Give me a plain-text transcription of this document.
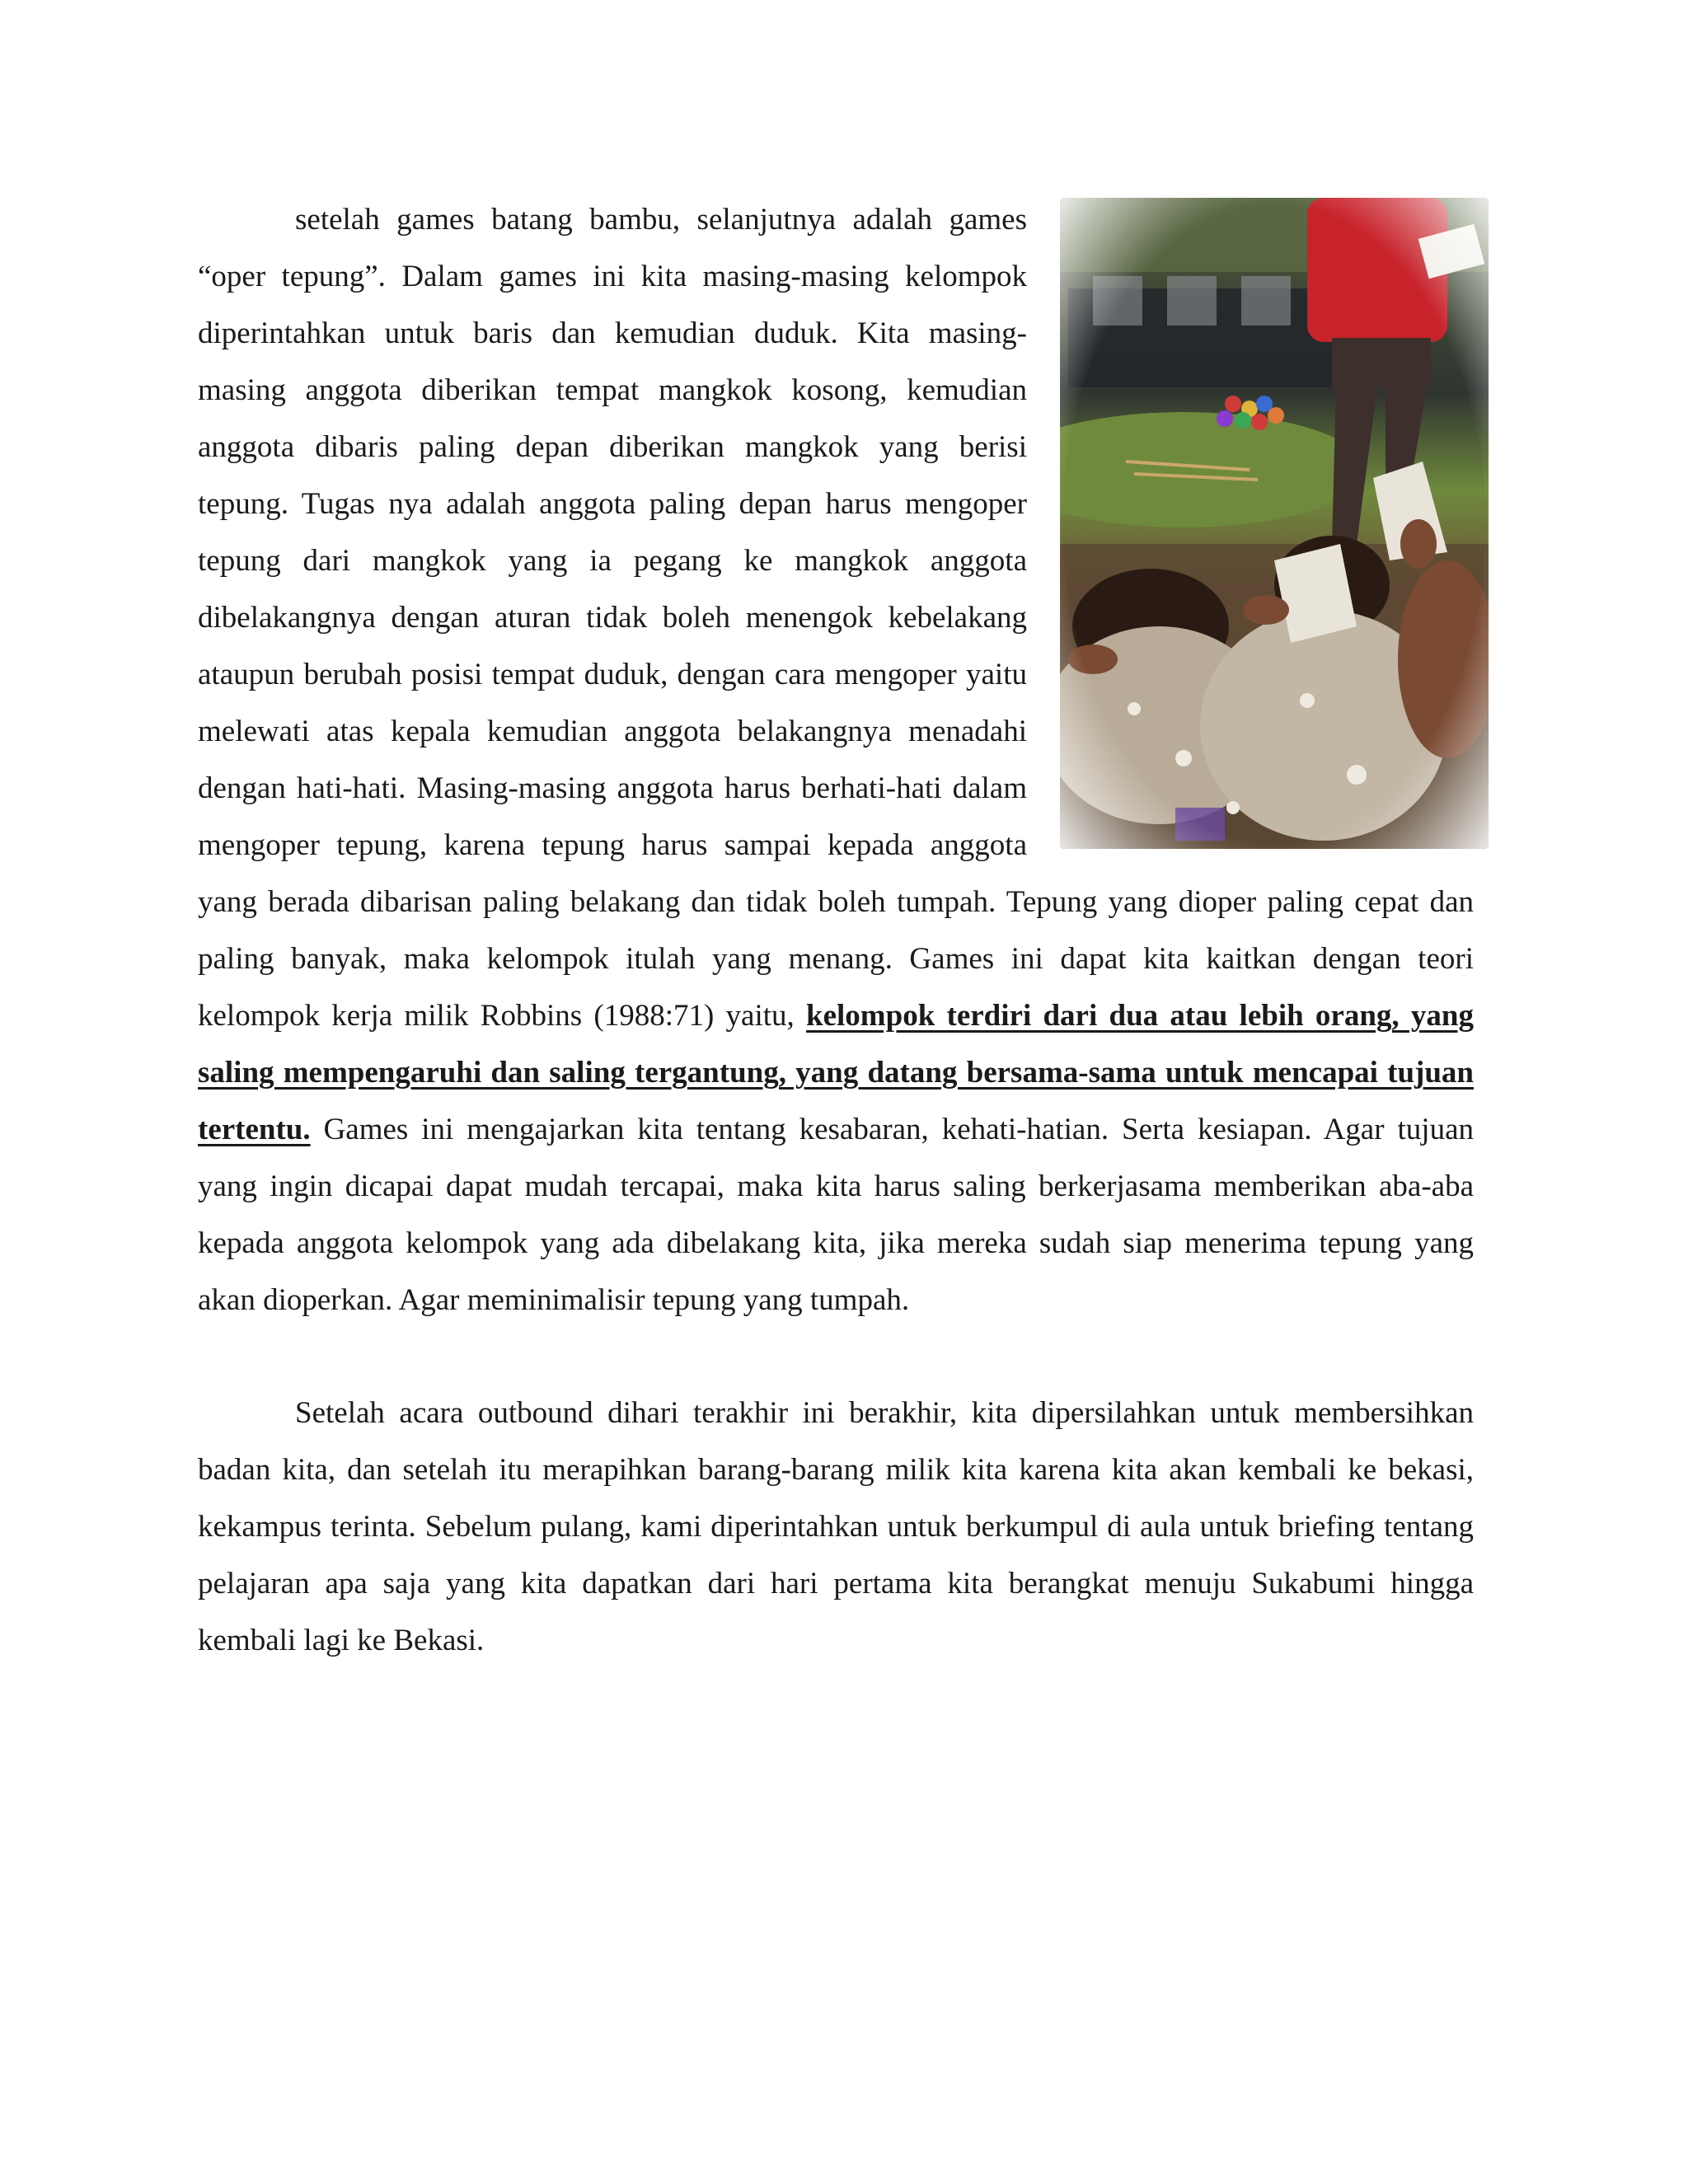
setelah games batang bambu, selanjutnya adalah games “oper tepung”. Dalam games ini kita masing-masing kelompok diperintahkan untuk baris dan kemudian duduk. Kita masing-masing anggota diberikan tempat mangkok kosong, kemudian anggota dibaris paling depan diberikan mangkok yang berisi tepung. Tugas nya adalah anggota paling depan harus mengoper tepung dari mangkok yang ia pegang ke mangkok anggota dibelakangnya dengan aturan tidak boleh menengok kebelakang ataupun berubah posisi tempat duduk, dengan cara mengoper yaitu melewati atas kepala kemudian anggota belakangnya menadahi dengan hati-hati. Masing-masing anggota harus berhati-hati dalam mengoper tepung, karena tepung harus sampai kepada anggota yang berada dibarisan paling belakang dan tidak boleh tumpah. Tepung yang dioper paling cepat dan paling banyak, maka kelompok itulah yang menang. Games ini dapat kita kaitkan dengan teori kelompok kerja milik Robbins (1988:71) yaitu, kelompok terdiri dari dua atau lebih orang, yang saling mempengaruhi dan saling tergantung, yang datang bersama-sama untuk mencapai tujuan tertentu. Games ini mengajarkan kita tentang kesabaran, kehati-hatian. Serta kesiapan. Agar tujuan yang ingin dicapai dapat mudah tercapai, maka kita harus saling berkerjasama memberikan aba-aba kepada anggota kelompok yang ada dibelakang kita, jika mereka sudah siap menerima tepung yang akan dioperkan. Agar meminimalisir tepung yang tumpah.

Setelah acara outbound dihari terakhir ini berakhir, kita dipersilahkan untuk membersihkan badan kita, dan setelah itu merapihkan barang-barang milik kita karena kita akan kembali ke bekasi, kekampus terinta. Sebelum pulang, kami diperintahkan untuk berkumpul di aula untuk briefing tentang pelajaran apa saja yang kita dapatkan dari hari pertama kita berangkat menuju Sukabumi hingga kembali lagi ke Bekasi.
